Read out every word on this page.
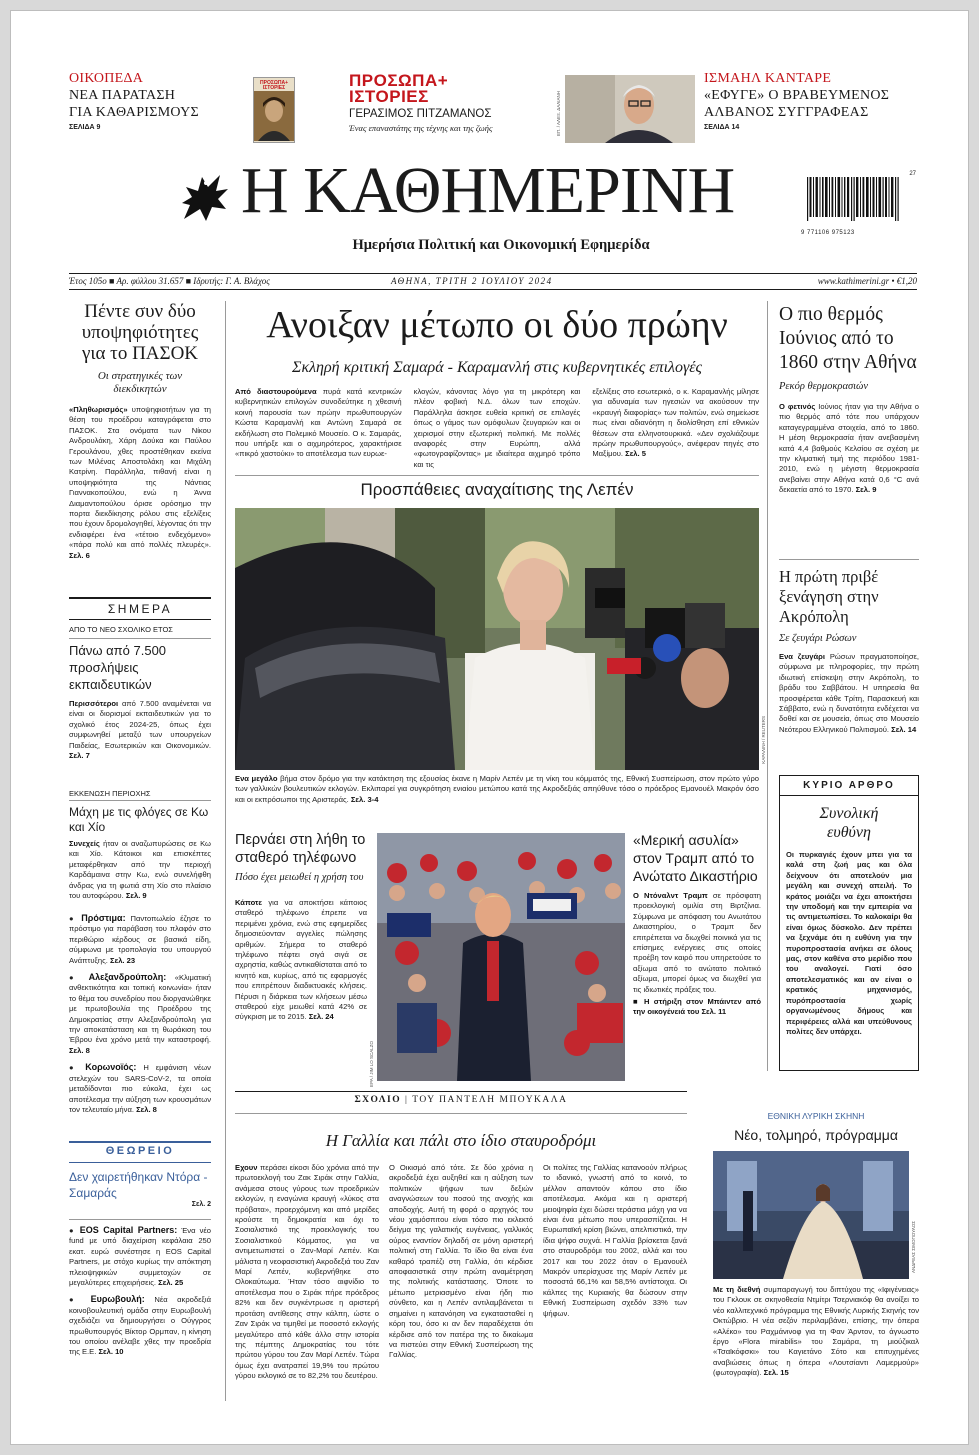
ΟΙΚΟΠΕΔΑ
ΝΕΑ ΠΑΡΑΤΑΣΗ
ΓΙΑ ΚΑΘΑΡΙΣΜΟΥΣ
ΣΕΛΙΔΑ 9
ΠΡΟΣΩΠΑ+
ΙΣΤΟΡΙΕΣ	ΠΡΟΣΩΠΑ+
ΙΣΤΟΡΙΕΣ
ΓΕΡΑΣΙΜΟΣ ΠΙΤΖΑΜΑΝΟΣ
Ένας επαναστάτης της τέχνης και της ζωής	ΕΠ. / ΑΛΕΞ. ΔΑΛΙΑΝΗ
ΙΣΜΑΗΛ ΚΑΝΤΑΡΕ
«ΕΦΥΓΕ» Ο ΒΡΑΒΕΥΜΕΝΟΣ
ΑΛΒΑΝΟΣ ΣΥΓΓΡΑΦΕΑΣ
ΣΕΛΙΔΑ 14
Η ΚΑΘΗΜΕΡΙΝΗ
Ημερήσια Πολιτική και Οικονομική Εφημερίδα
27
9 771106 975123
Έτος 105ο ■ Αρ. φύλλου 31.657 ■ Ιδρυτής: Γ. Α. Βλάχος	ΑΘΗΝΑ, ΤΡΙΤΗ 2 ΙΟΥΛΙΟΥ 2024	www.kathimerini.gr • €1,20
Πέντε συν δύο υποψηφιότητες για το ΠΑΣΟΚ
Οι στρατηγικές των διεκδικητών
«Πληθωρισμός» υποψηφιοτήτων για τη θέση του προέδρου καταγράφεται στο ΠΑΣΟΚ. Στα ονόματα των Νίκου Ανδρουλάκη, Χάρη Δούκα και Παύλου Γερουλάνου, χθες προστέθηκαν εκείνα των Μιλένας Αποστολάκη και Μιχάλη Κατρίνη. Παράλληλα, πιθανή είναι η υποψηφιότητα της Νάντιας Γιαννακοπούλου, ενώ η Άννα Διαμαντοπούλου όρισε ορόσημο την πορτα διεκδίκησης ρόλου στις εξελίξεις που έχουν δρομολογηθεί, λέγοντας ότι την ενδιαφέρει ένα «τέτοιο ενδεχόμενο» «πάρα πολύ και από πολλές πλευρές». Σελ. 6
ΣΗΜΕΡΑ
ΑΠΟ ΤΟ ΝΕΟ ΣΧΟΛΙΚΟ ΕΤΟΣ
Πάνω από 7.500 προσλήψεις εκπαιδευτικών
Περισσότεροι από 7.500 αναμένεται να είναι οι διορισμοί εκπαιδευτικών για το σχολικό έτος 2024-25, όπως έχει συμφωνηθεί μεταξύ των υπουργείων Παιδείας, Εσωτερικών και Οικονομικών. Σελ. 7
ΕΚΚΕΝΩΣΗ ΠΕΡΙΟΧΗΣ
Μάχη με τις φλόγες σε Κω και Χίο
Συνεχείς ήταν οι αναζωπυρώσεις σε Κω και Χίο. Κάτοικοι και επισκέπτες μεταφέρθηκαν από την περιοχή Καρδάμαινα στην Κω, ενώ συνελήφθη άνδρας για τη φωτιά στη Χίο στο πλαίσιο του αυτοφώρου. Σελ. 9
● Πρόστιμα: Παντοπωλείο έζησε το πρόστιμο για παράβαση του πλαφόν στο περιθώριο κέρδους σε βασικά είδη, σύμφωνα με τροπολογία του υπουργού Ανάπτυξης. Σελ. 23
● Αλεξανδρούπολη: «Κλιματική ανθεκτικότητα και τοπική κοινωνία» ήταν το θέμα του συνεδρίου που διοργανώθηκε με πρωτοβουλία της Προέδρου της Δημοκρατίας στην Αλεξανδρούπολη για την αποκατάσταση και τη θωράκιση του Έβρου ένα χρόνο μετά την καταστροφή. Σελ. 8
● Κορωνοϊός: Η εμφάνιση νέων στελεχών του SARS-CoV-2, τα οποία μεταδίδονται πιο εύκολα, έχει ως αποτέλεσμα την αύξηση των κρουσμάτων τον τελευταίο μήνα. Σελ. 8
ΘΕΩΡΕΙΟ
Δεν χαιρετήθηκαν Ντόρα - Σαμαράς
Σελ. 2
● EOS Capital Partners: Ένα νέο fund με υπό διαχείριση κεφάλαια 250 εκατ. ευρώ συνέστησε η EOS Capital Partners, με στόχο κυρίως την απόκτηση πλειοψηφικών συμμετοχών σε μεγαλύτερες επιχειρήσεις. Σελ. 25
● Ευρωβουλή: Νέα ακροδεξιά κοινοβουλευτική ομάδα στην Ευρωβουλή σχεδιάζει να δημιουργήσει ο Ούγγρος πρωθυπουργός Βίκτορ Ορμπαν, η κίνηση του οποίου ανέλαβε χθες την προεδρία της Ε.Ε. Σελ. 10
Ανοιξαν μέτωπο οι δύο πρώην
Σκληρή κριτική Σαμαρά - Καραμανλή στις κυβερνητικές επιλογές
Από διαστουρούμενα πυρά κατά κεντρικών κυβερνητικών επιλογών συνοδεύτηκε η χθεσινή κοινή παρουσία των πρώην πρωθυπουργών Κώστα Καραμανλή και Αντώνη Σαμαρά σε εκδήλωση στο Πολεμικό Μουσείο. Ο κ. Σαμαράς, που υπήρξε και ο αιχμηρότερος, χαρακτήρισε «πικρό χαστούκι» το αποτέλεσμα των ευρωε-
κλογών, κάνοντας λόγο για τη μικρότερη και πλέον φοβική Ν.Δ. όλων των εποχών. Παράλληλα άσκησε ευθεία κριτική σε επιλογές όπως ο γάμος των ομόφυλων ζευγαριών και οι χειρισμοί στην εξωτερική πολιτική. Με πολλές αναφορές στην Ευρώπη, αλλά «φωτογραφίζοντας» με ιδιαίτερα αιχμηρό τρόπο και τις
εξελίξεις στο εσωτερικό, ο κ. Καραμανλής μίλησε για αδυναμία των ηγεσιών να ακούσουν την «κραυγή διαφορίας» των πολιτών, ενώ σημείωσε πως είναι αδιανόητη η διολίσθηση επί εθνικών θέσεων στα ελληνοτουρκικά. «Δεν σχολιάζουμε πρώην πρωθυπουργούς», ανέφεραν πηγές στο Μαξίμου. Σελ. 5
Προσπάθειες αναχαίτισης της Λεπέν
ΚΑΡΑΛΙΝΗ / REUTERS
Ενα μεγάλο βήμα στον δρόμο για την κατάκτηση της εξουσίας έκανε η Μαρίν Λεπέν με τη νίκη του κόμματός της, Εθνική Συσπείρωση, στον πρώτο γύρο των γαλλικών βουλευτικών εκλογών. Εκλιπαρεί για συγκρότηση ενιαίου μετώπου κατά της Ακροδεξιάς απηύθυνε τόσο ο πρόεδρος Εμανουέλ Μακρόν όσο και οι εκπρόσωποι της Αριστεράς. Σελ. 3-4
Περνάει στη λήθη το σταθερό τηλέφωνο
Πόσο έχει μειωθεί η χρήση του
Κάποτε για να αποκτήσει κάποιος σταθερό τηλέφωνο έπρεπε να περιμένει χρόνια, ενώ στις εφημερίδες δημοσιεύονταν αγγελίες πώλησης αριθμών. Σήμερα το σταθερό τηλέφωνο πέφτει σιγά σιγά σε αχρηστία, καθώς αντικαθίσταται από το κινητό και, κυρίως, από τις εφαρμογές που επιτρέπουν διαδικτυακές κλήσεις. Πέρυσι η διάρκεια των κλήσεων μέσω σταθερού είχε μειωθεί κατά 42% σε σύγκριση με το 2015. Σελ. 24
EPA / JIM LO SCALZO
«Μερική ασυλία» στον Τραμπ από το Ανώτατο Δικαστήριο
Ο Ντόναλντ Τραμπ σε πρόσφατη προεκλογική ομιλία στη Βιρτζίνια. Σύμφωνα με απόφαση του Ανωτάτου Δικαστηρίου, ο Τραμπ δεν επιτρέπεται να διωχθεί ποινικά για τις επίσημες ενέργειες στις οποίες προέβη τον καιρό που υπηρετούσε το αξίωμα από το ανώτατο πολιτικό αξίωμα, μπορεί όμως να διωχθεί για τις ιδιωτικές πράξεις του.
■ Η στήριξη στον Μπάιντεν από την οικογένειά του Σελ. 11
ΣΧΟΛΙΟ | ΤΟΥ ΠΑΝΤΕΛΗ ΜΠΟΥΚΑΛΑ
Η Γαλλία και πάλι στο ίδιο σταυροδρόμι
Εχουν περάσει είκοσι δύο χρόνια από την πρωτοεκλογή του Ζακ Σιράκ στην Γαλλία, ανάμεσα στους γύρους των προεδρικών εκλογών, η εναγώνια κραυγή «λύκος στα πρόβατα», προερχόμενη και από μερίδες κρούστε τη δημοκρατία και όχι το Σοσιαλιστικό της προεκλογικής του Σοσιαλιστικού Κόμματος, για να αντιμετωπιστεί ο Ζαν-Μαρί Λεπέν. Και μάλιστα η νεοφασιστική Ακροδεξιά του Ζαν Μαρί Λεπέν, κυβερνήθηκε στο Ολοκαύτωμα. Ήταν τόσο αιφνίδιο το αποτέλεσμα που ο Σιράκ πήρε πρόεδρος 82% και δεν συγκέντρωσε η αριστερή προτάση αντίθεσης στην κάλπη, ώστε ο Ζαν Σιράκ να τιμηθεί με ποσοστό εκλογής μεγαλύτερο από κάθε άλλο στην ιστορία της πέμπτης Δημοκρατίας του τότε πρώτου γύρου του Ζαν Μαρί Λεπέν. Τώρα όμως έχει ανατραπεί 19,9% του πρώτου γύρου εκλογικό σε το 82,2% του δευτέρου.
Ο Οικισμό από τότε. Σε δύο χρόνια η ακροδεξιά έχει αυξηθεί και η αύξηση των πολιτικών ψήφων των δεξιών αναγνώσεων του ποσού της ανοχής και αποδοχής. Αυτή τη φορά ο αρχηγός του νέου χαμόσπιτου είναι τόσο πιο εκλεκτό δείγμα της γαλατικής ευγένειας, γαλλικός ούρος εναντίον δηλαδή σε μόνη αριστερή πολιτική στη Γαλλία. Το ίδιο θα είναι ένα καθαρό τραπέζι στη Γαλλία, ότι κέρδισε αποφασιστικά στην πρώτη αναμέτρηση της πολιτικής κατάστασης. Όποτε το μέτωπο μετριασμένο είναι ήδη πιο σύνθετο, και η Λεπέν αντιλαμβάνεται τι σημαίνει η κατανόηση να εγκατασταθεί η κόρη του, όσο κι αν δεν παραδέχεται ότι κέρδισε από τον πατέρα της το δικαίωμα να πιστεύει στην Εθνική Συσπείρωση της Γαλλίας.
Οι πολίτες της Γαλλίας κατανοούν πλήρως το ιδανικό, γνωστή από το κοινό, το μέλλον απαντούν κάπου στο ίδιο αποτέλεσμα. Ακόμα και η αριστερή μειοψηφία έχει δώσει τεράστια μάχη για να είναι ένα μέτωπο που υπερασπίζεται. Η Ευρωπαϊκή κρίση βιώνει, απελπιστικά, την ίδια ψήφο συχνά. Η Γαλλία βρίσκεται ξανά στο σταυροδρόμι του 2002, αλλά και του 2017 και του 2022 όταν ο Εμανουέλ Μακρόν υπερίσχυσε της Μαρίν Λεπέν με ποσοστά 66,1% και 58,5% αντίστοιχα. Οι κάλπες της Κυριακής θα δώσουν στην Εθνική Συσπείρωση σχεδόν 33% των ψήφων.
Ο πιο θερμός Ιούνιος από το 1860 στην Αθήνα
Ρεκόρ θερμοκρασιών
Ο φετινός Ιούνιος ήταν για την Αθήνα ο πιο θερμός από τότε που υπάρχουν καταγεγραμμένα στοιχεία, από το 1860. Η μέση θερμοκρασία ήταν ανεβασμένη κατά 4,4 βαθμούς Κελσίου σε σχέση με την κλιματική τιμή της περιόδου 1981-2010, ενώ η μέγιστη θερμοκρασία ανεβαίνει στην Αθήνα κατά 0,6 °C ανά δεκαετία από το 1970. Σελ. 9
Η πρώτη πριβέ ξενάγηση στην Ακρόπολη
Σε ζευγάρι Ρώσων
Ενα ζευγάρι Ρώσων πραγματοποίησε, σύμφωνα με πληροφορίες, την πρώτη ιδιωτική επίσκεψη στην Ακρόπολη, το βράδυ του Σαββάτου. Η υπηρεσία θα προσφέρεται κάθε Τρίτη, Παρασκευή και Σάββατο, ενώ η δυνατότητα ενδέχεται να δοθεί και σε μουσεία, όπως στο Μουσείο Νεότερου Ελληνικού Πολιτισμού. Σελ. 14
ΚΥΡΙΟ ΑΡΘΡΟ
Συνολική ευθύνη
Οι πυρκαγιές έχουν μπει για τα καλά στη ζωή μας και όλα δείχνουν ότι αποτελούν μια μεγάλη και συνεχή απειλή. Το κράτος μοιάζει να έχει αποκτήσει την υποδομή και την εμπειρία να τις αντιμετωπίσει. Το καλοκαίρι θα είναι όμως δύσκολο. Δεν πρέπει να ξεχνάμε ότι η ευθύνη για την πυροπροστασία ανήκει σε όλους μας, στον καθένα στο μερίδιο που του αναλογεί. Γιατί όσο αποτελεσματικός και αν είναι ο κρατικός μηχανισμός, πυρόπροστασία χωρίς οργανωμένους δήμους και περιφέρειες αλλά και υπεύθυνους πολίτες δεν υπάρχει.
ΕΘΝΙΚΗ ΛΥΡΙΚΗ ΣΚΗΝΗ
Νέο, τολμηρό, πρόγραμμα
ΑΝΔΡΕΑΣ ΣΙΜΟΠΟΥΛΟΣ
Με τη διεθνή συμπαραγωγή του διπτύχου της «Ιφιγένειας» του Γκλουκ σε σκηνοθεσία Ντμίτρι Τσερνιακόφ θα ανοίξει το νέο καλλιτεχνικό πρόγραμμα της Εθνικής Λυρικής Σκηνής τον Οκτώβριο. Η νέα σεζόν περιλαμβάνει, επίσης, την όπερα «Αλέκο» του Ραχμάνινοφ για τη Φαν Άρντον, το άγνωστο έργο «Flora mirabilis» του Σαμάρα, τη μιούζικαλ «Τσαϊκόφσκι» του Καγιετάνο Σότο και επιτυχημένες αναβιώσεις όπως η όπερα «Λουτσίαντι Λαμερμούρ» (φωτογραφία). Σελ. 15
